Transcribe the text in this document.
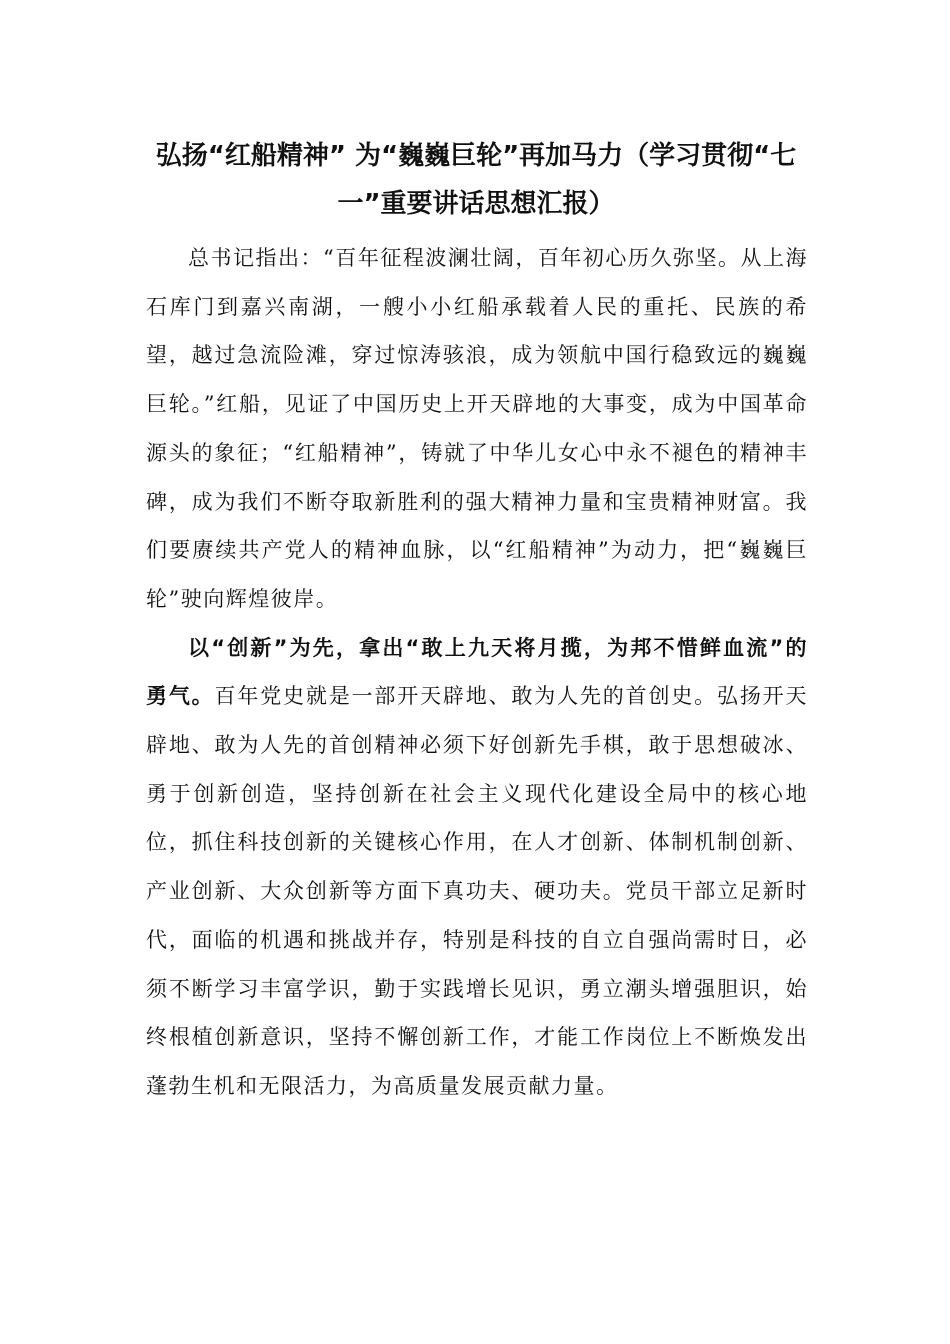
弘扬“红船精神” 为“巍巍巨轮”再加马力（学习贯彻“七一”重要讲话思想汇报）

总书记指出：“百年征程波澜壮阔，百年初心历久弥坚。从上海石库门到嘉兴南湖，一艘小小红船承载着人民的重托、民族的希望，越过急流险滩，穿过惊涛骇浪，成为领航中国行稳致远的巍巍巨轮。”红船，见证了中国历史上开天辟地的大事变，成为中国革命源头的象征；“红船精神”，铸就了中华儿女心中永不褪色的精神丰碑，成为我们不断夺取新胜利的强大精神力量和宝贵精神财富。我们要赓续共产党人的精神血脉，以“红船精神”为动力，把“巍巍巨轮”驶向辉煌彼岸。

以“创新”为先，拿出“敢上九天将月揽，为邦不惜鲜血流”的勇气。百年党史就是一部开天辟地、敢为人先的首创史。弘扬开天辟地、敢为人先的首创精神必须下好创新先手棋，敢于思想破冰、勇于创新创造，坚持创新在社会主义现代化建设全局中的核心地位，抓住科技创新的关键核心作用，在人才创新、体制机制创新、产业创新、大众创新等方面下真功夫、硬功夫。党员干部立足新时代，面临的机遇和挑战并存，特别是科技的自立自强尚需时日，必须不断学习丰富学识，勤于实践增长见识，勇立潮头增强胆识，始终根植创新意识，坚持不懈创新工作，才能工作岗位上不断焕发出蓬勃生机和无限活力，为高质量发展贡献力量。
